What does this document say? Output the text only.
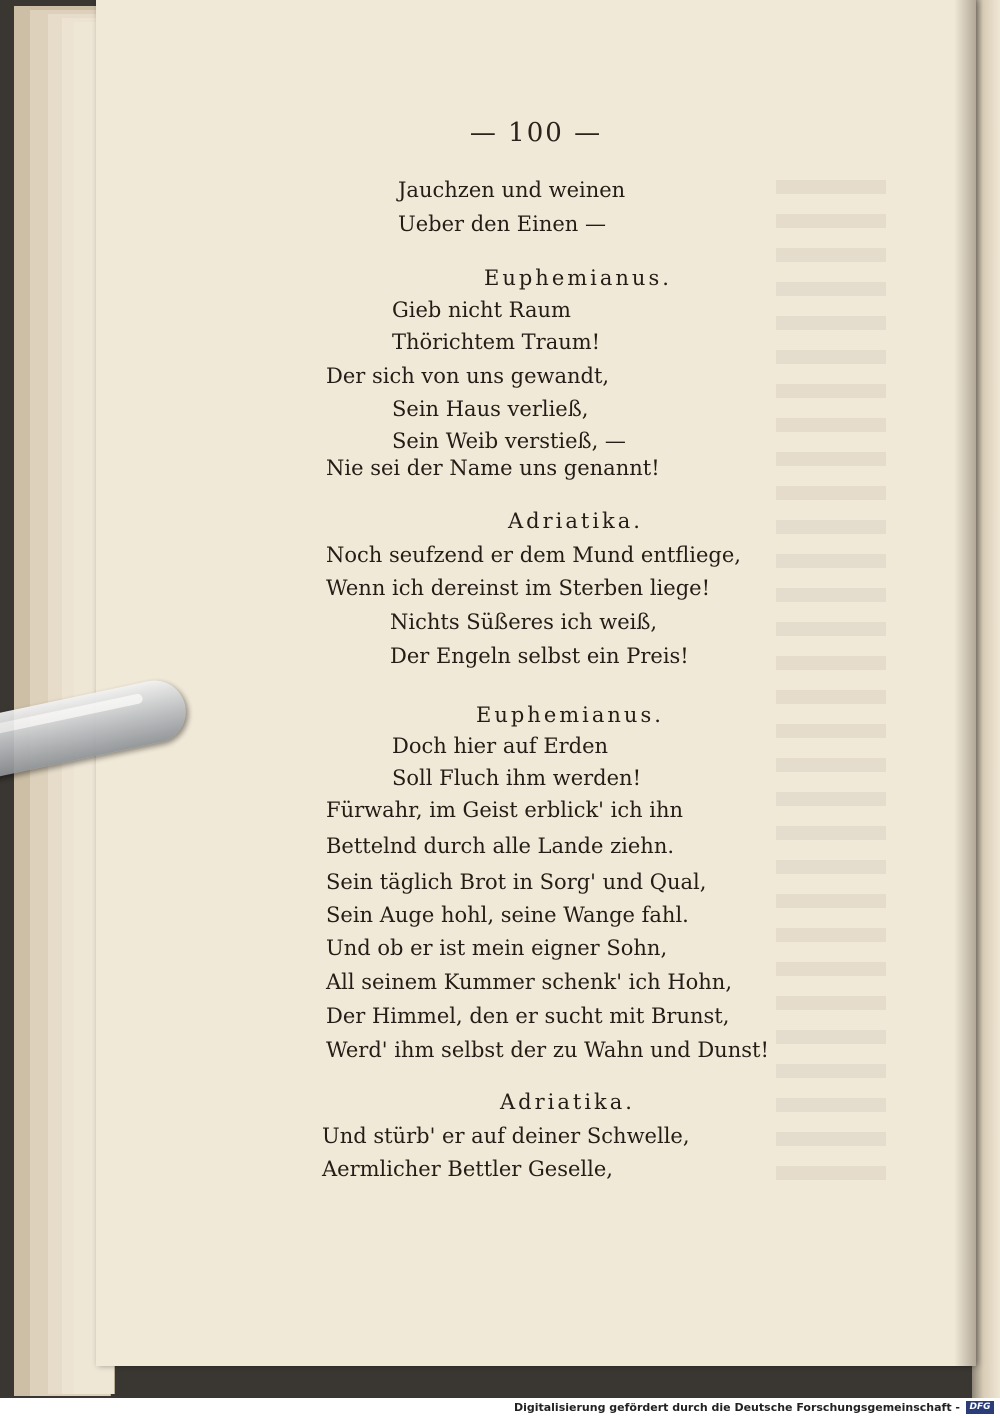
— 100 —
Jauchzen und weinen
Ueber den Einen —
Euphemianus.
Gieb nicht Raum
Thörichtem Traum!
Der sich von uns gewandt,
Sein Haus verließ,
Sein Weib verstieß, —
Nie sei der Name uns genannt!
Adriatika.
Noch seufzend er dem Mund entfliege,
Wenn ich dereinst im Sterben liege!
Nichts Süßeres ich weiß,
Der Engeln selbst ein Preis!
Euphemianus.
Doch hier auf Erden
Soll Fluch ihm werden!
Fürwahr, im Geist erblick' ich ihn
Bettelnd durch alle Lande ziehn.
Sein täglich Brot in Sorg' und Qual,
Sein Auge hohl, seine Wange fahl.
Und ob er ist mein eigner Sohn,
All seinem Kummer schenk' ich Hohn,
Der Himmel, den er sucht mit Brunst,
Werd' ihm selbst der zu Wahn und Dunst!
Adriatika.
Und stürb' er auf deiner Schwelle,
Aermlicher Bettler Geselle,
Digitalisierung gefördert durch die Deutsche Forschungsgemeinschaft -	DFG
